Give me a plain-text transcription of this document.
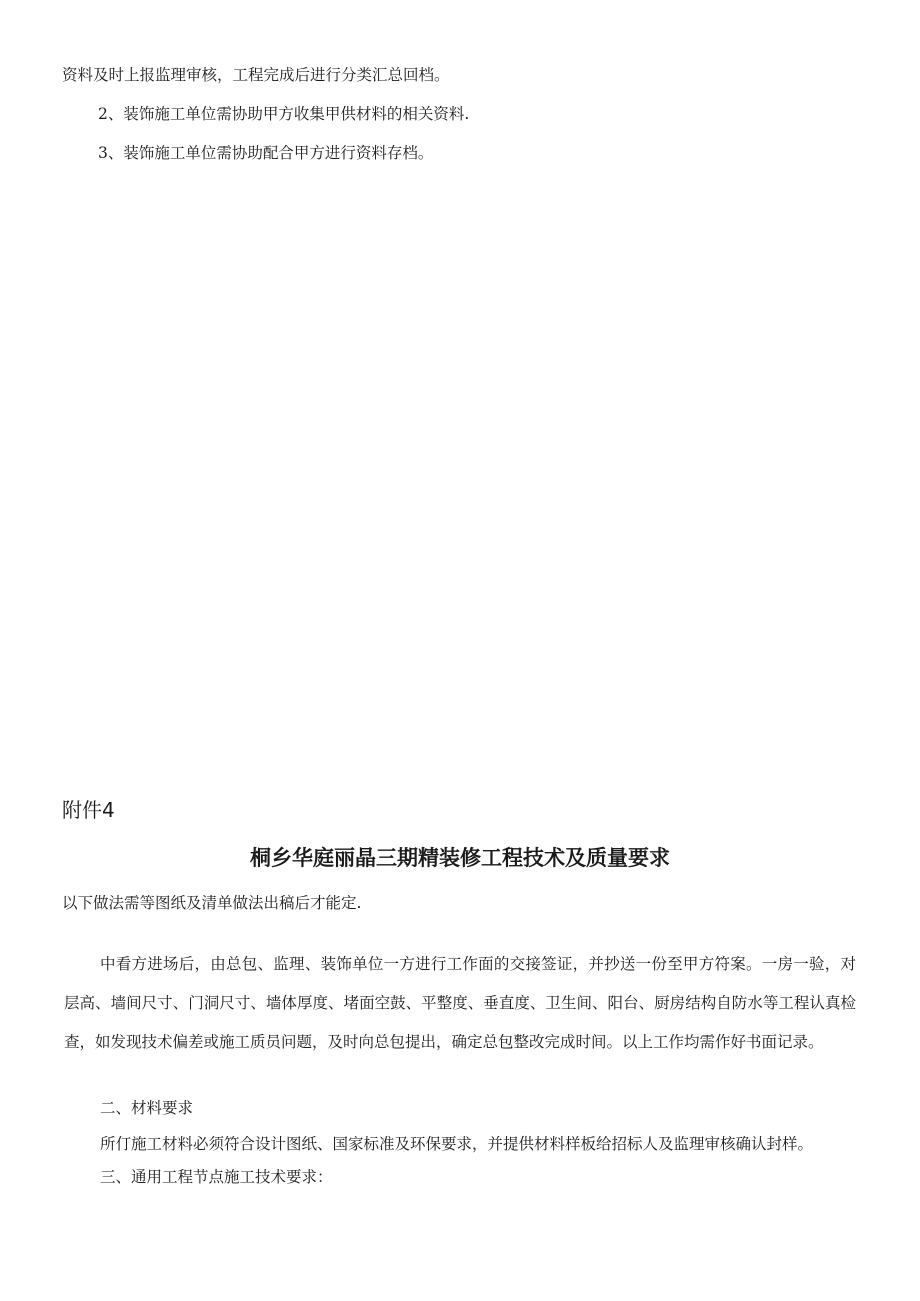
资料及时上报监理审核，工程完成后进行分类汇总回档。

2、装饰施工单位需协助甲方收集甲供材料的相关资料.

3、装饰施工单位需协助配合甲方进行资料存档。

附件4

桐乡华庭丽晶三期精装修工程技术及质量要求

以下做法需等图纸及清单做法出稿后才能定.

中看方进场后，由总包、监理、装饰单位一方进行工作面的交接签证，并抄送一份至甲方符案。一房一验，对层高、墙间尺寸、门洞尺寸、墙体厚度、堵面空鼓、平整度、垂直度、卫生间、阳台、厨房结构自防水等工程认真检查，如发现技术偏差或施工质员问题，及时向总包提出，确定总包整改完成时间。以上工作均需作好书面记录。

二、材料要求

所仃施工材料必须符合设计图纸、国家标准及环保要求，并提供材料样板给招标人及监理审核确认封样。

三、通用工程节点施工技术要求：
